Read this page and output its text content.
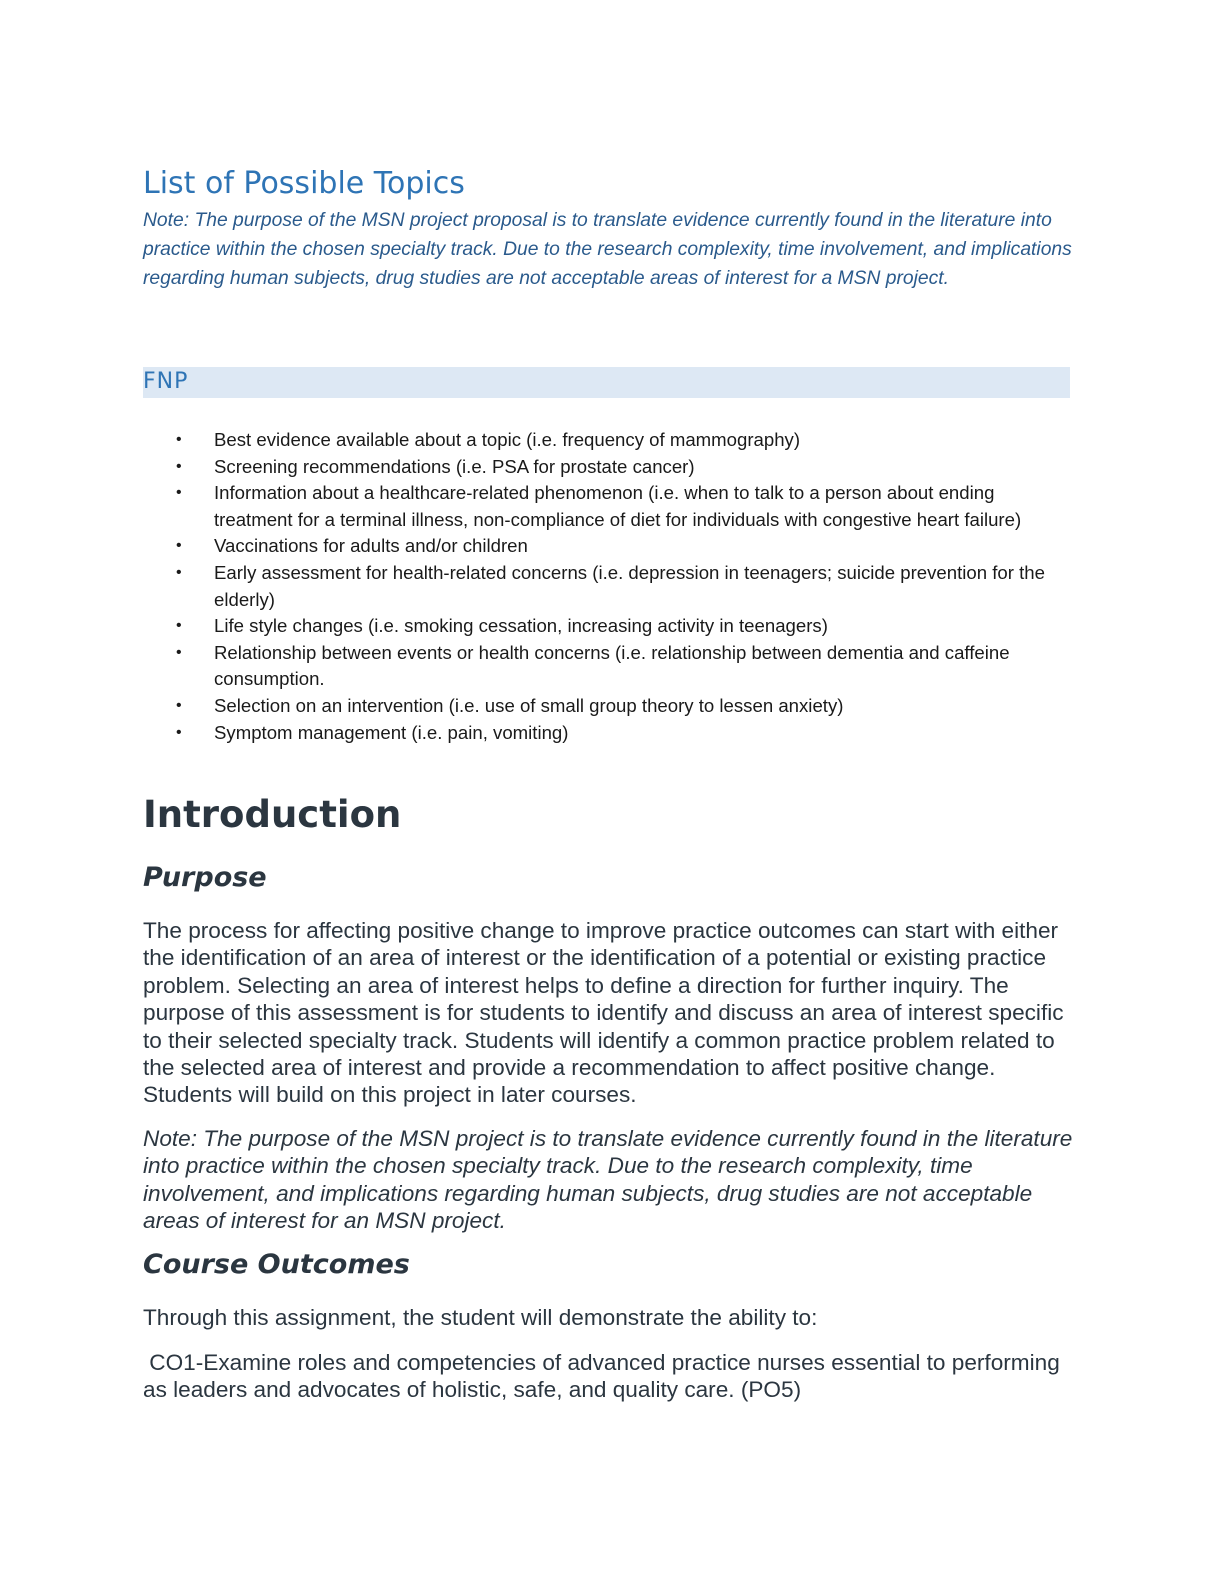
List of Possible Topics

Note: The purpose of the MSN project proposal is to translate evidence currently found in the literature into practice within the chosen specialty track. Due to the research complexity, time involvement, and implications regarding human subjects, drug studies are not acceptable areas of interest for a MSN project.

FNP
• Best evidence available about a topic (i.e. frequency of mammography)
• Screening recommendations (i.e. PSA for prostate cancer)
• Information about a healthcare-related phenomenon (i.e. when to talk to a person about ending treatment for a terminal illness, non-compliance of diet for individuals with congestive heart failure)
• Vaccinations for adults and/or children
• Early assessment for health-related concerns (i.e. depression in teenagers; suicide prevention for the elderly)
• Life style changes (i.e. smoking cessation, increasing activity in teenagers)
• Relationship between events or health concerns (i.e. relationship between dementia and caffeine consumption.
• Selection on an intervention (i.e. use of small group theory to lessen anxiety)
• Symptom management (i.e. pain, vomiting)
Introduction
Purpose

The process for affecting positive change to improve practice outcomes can start with either the identification of an area of interest or the identification of a potential or existing practice problem. Selecting an area of interest helps to define a direction for further inquiry. The purpose of this assessment is for students to identify and discuss an area of interest specific to their selected specialty track. Students will identify a common practice problem related to the selected area of interest and provide a recommendation to affect positive change. Students will build on this project in later courses.

Note: The purpose of the MSN project is to translate evidence currently found in the literature into practice within the chosen specialty track. Due to the research complexity, time involvement, and implications regarding human subjects, drug studies are not acceptable areas of interest for an MSN project.

Course Outcomes

Through this assignment, the student will demonstrate the ability to:

CO1-Examine roles and competencies of advanced practice nurses essential to performing as leaders and advocates of holistic, safe, and quality care. (PO5)
